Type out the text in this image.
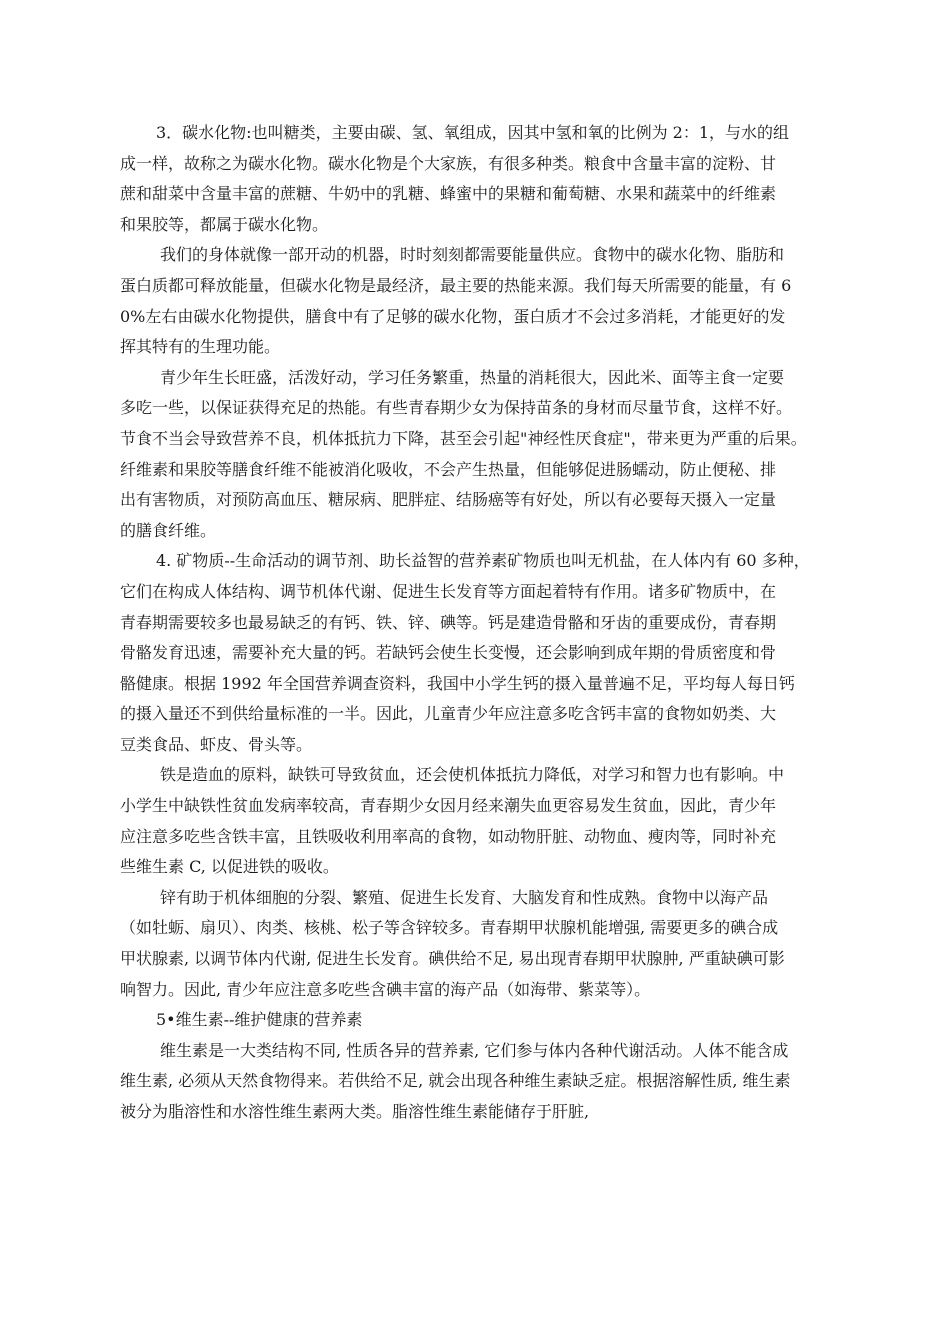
3．碳水化物:也叫糖类，主要由碳、氢、氧组成，因其中氢和氧的比例为 2：1，与水的组
成一样，故称之为碳水化物。碳水化物是个大家族，有很多种类。粮食中含量丰富的淀粉、甘
蔗和甜菜中含量丰富的蔗糖、牛奶中的乳糖、蜂蜜中的果糖和葡萄糖、水果和蔬菜中的纤维素
和果胶等，都属于碳水化物。
我们的身体就像一部开动的机器，时时刻刻都需要能量供应。食物中的碳水化物、脂肪和
蛋白质都可释放能量，但碳水化物是最经济，最主要的热能来源。我们每天所需要的能量，有 6
0%左右由碳水化物提供，膳食中有了足够的碳水化物，蛋白质才不会过多消耗，才能更好的发
挥其特有的生理功能。
青少年生长旺盛，活泼好动，学习任务繁重，热量的消耗很大，因此米、面等主食一定要
多吃一些，以保证获得充足的热能。有些青春期少女为保持苗条的身材而尽量节食，这样不好。
节食不当会导致营养不良，机体抵抗力下降，甚至会引起"神经性厌食症"，带来更为严重的后果。
纤维素和果胶等膳食纤维不能被消化吸收，不会产生热量，但能够促进肠蠕动，防止便秘、排
出有害物质，对预防高血压、糖尿病、肥胖症、结肠癌等有好处，所以有必要每天摄入一定量
的膳食纤维。
4. 矿物质--生命活动的调节剂、助长益智的营养素矿物质也叫无机盐，在人体内有 60 多种，
它们在构成人体结构、调节机体代谢、促进生长发育等方面起着特有作用。诸多矿物质中，在
青春期需要较多也最易缺乏的有钙、铁、锌、碘等。钙是建造骨骼和牙齿的重要成份，青春期
骨骼发育迅速，需要补充大量的钙。若缺钙会使生长变慢，还会影响到成年期的骨质密度和骨
骼健康。根据 1992 年全国营养调查资料，我国中小学生钙的摄入量普遍不足，平均每人每日钙
的摄入量还不到供给量标准的一半。因此，儿童青少年应注意多吃含钙丰富的食物如奶类、大
豆类食品、虾皮、骨头等。
铁是造血的原料，缺铁可导致贫血，还会使机体抵抗力降低，对学习和智力也有影响。中
小学生中缺铁性贫血发病率较高，青春期少女因月经来潮失血更容易发生贫血，因此，青少年
应注意多吃些含铁丰富，且铁吸收利用率高的食物，如动物肝脏、动物血、瘦肉等，同时补充
些维生素 C, 以促进铁的吸收。
锌有助于机体细胞的分裂、繁殖、促进生长发育、大脑发育和性成熟。食物中以海产品
（如牡蛎、扇贝）、肉类、核桃、松子等含锌较多。青春期甲状腺机能增强, 需要更多的碘合成
甲状腺素, 以调节体内代谢, 促进生长发育。碘供给不足, 易出现青春期甲状腺肿, 严重缺碘可影
响智力。因此, 青少年应注意多吃些含碘丰富的海产品（如海带、紫菜等）。
5•维生素--维护健康的营养素
维生素是一大类结构不同, 性质各异的营养素, 它们参与体内各种代谢活动。人体不能含成
维生素, 必须从天然食物得来。若供给不足, 就会出现各种维生素缺乏症。根据溶解性质, 维生素
被分为脂溶性和水溶性维生素两大类。脂溶性维生素能储存于肝脏,
